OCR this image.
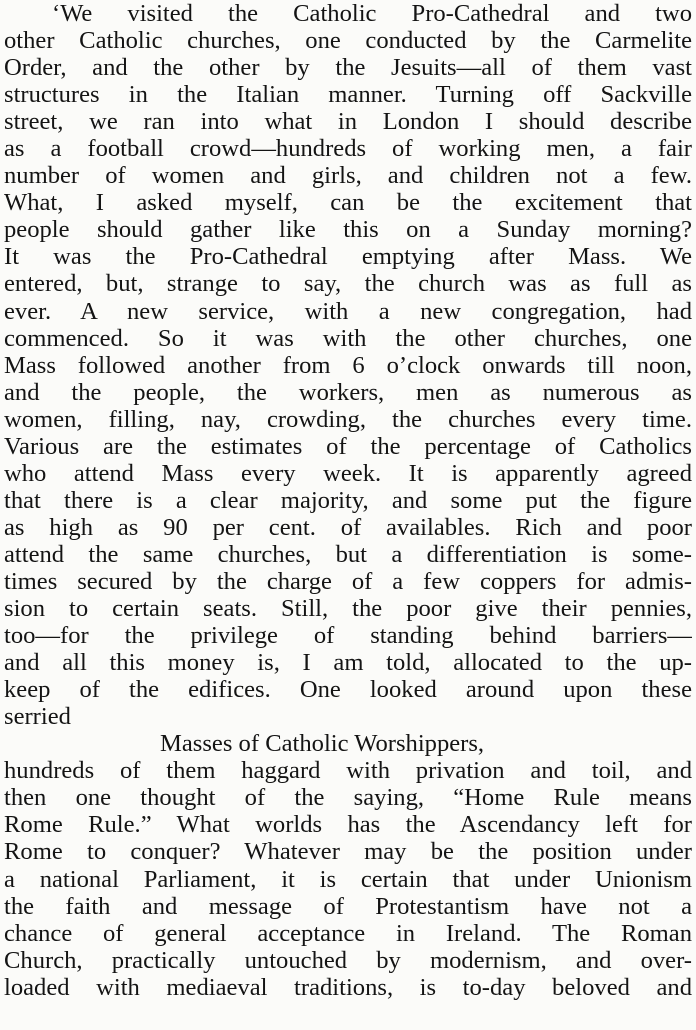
‘We visited the Catholic Pro-Cathedral and two
other Catholic churches, one conducted by the Carmelite
Order, and the other by the Jesuits—all of them vast
structures in the Italian manner. Turning off Sackville
street, we ran into what in London I should describe
as a football crowd—hundreds of working men, a fair
number of women and girls, and children not a few.
What, I asked myself, can be the excitement that
people should gather like this on a Sunday morning?
It was the Pro-Cathedral emptying after Mass. We
entered, but, strange to say, the church was as full as
ever. A new service, with a new congregation, had
commenced. So it was with the other churches, one
Mass followed another from 6 o’clock onwards till noon,
and the people, the workers, men as numerous as
women, filling, nay, crowding, the churches every time.
Various are the estimates of the percentage of Catholics
who attend Mass every week. It is apparently agreed
that there is a clear majority, and some put the figure
as high as 90 per cent. of availables. Rich and poor
attend the same churches, but a differentiation is some-
times secured by the charge of a few coppers for admis-
sion to certain seats. Still, the poor give their pennies,
too—for the privilege of standing behind barriers—
and all this money is, I am told, allocated to the up-
keep of the edifices. One looked around upon these
serried
Masses of Catholic Worshippers,
hundreds of them haggard with privation and toil, and
then one thought of the saying, “Home Rule means
Rome Rule.” What worlds has the Ascendancy left for
Rome to conquer? Whatever may be the position under
a national Parliament, it is certain that under Unionism
the faith and message of Protestantism have not a
chance of general acceptance in Ireland. The Roman
Church, practically untouched by modernism, and over-
loaded with mediaeval traditions, is to-day beloved and
